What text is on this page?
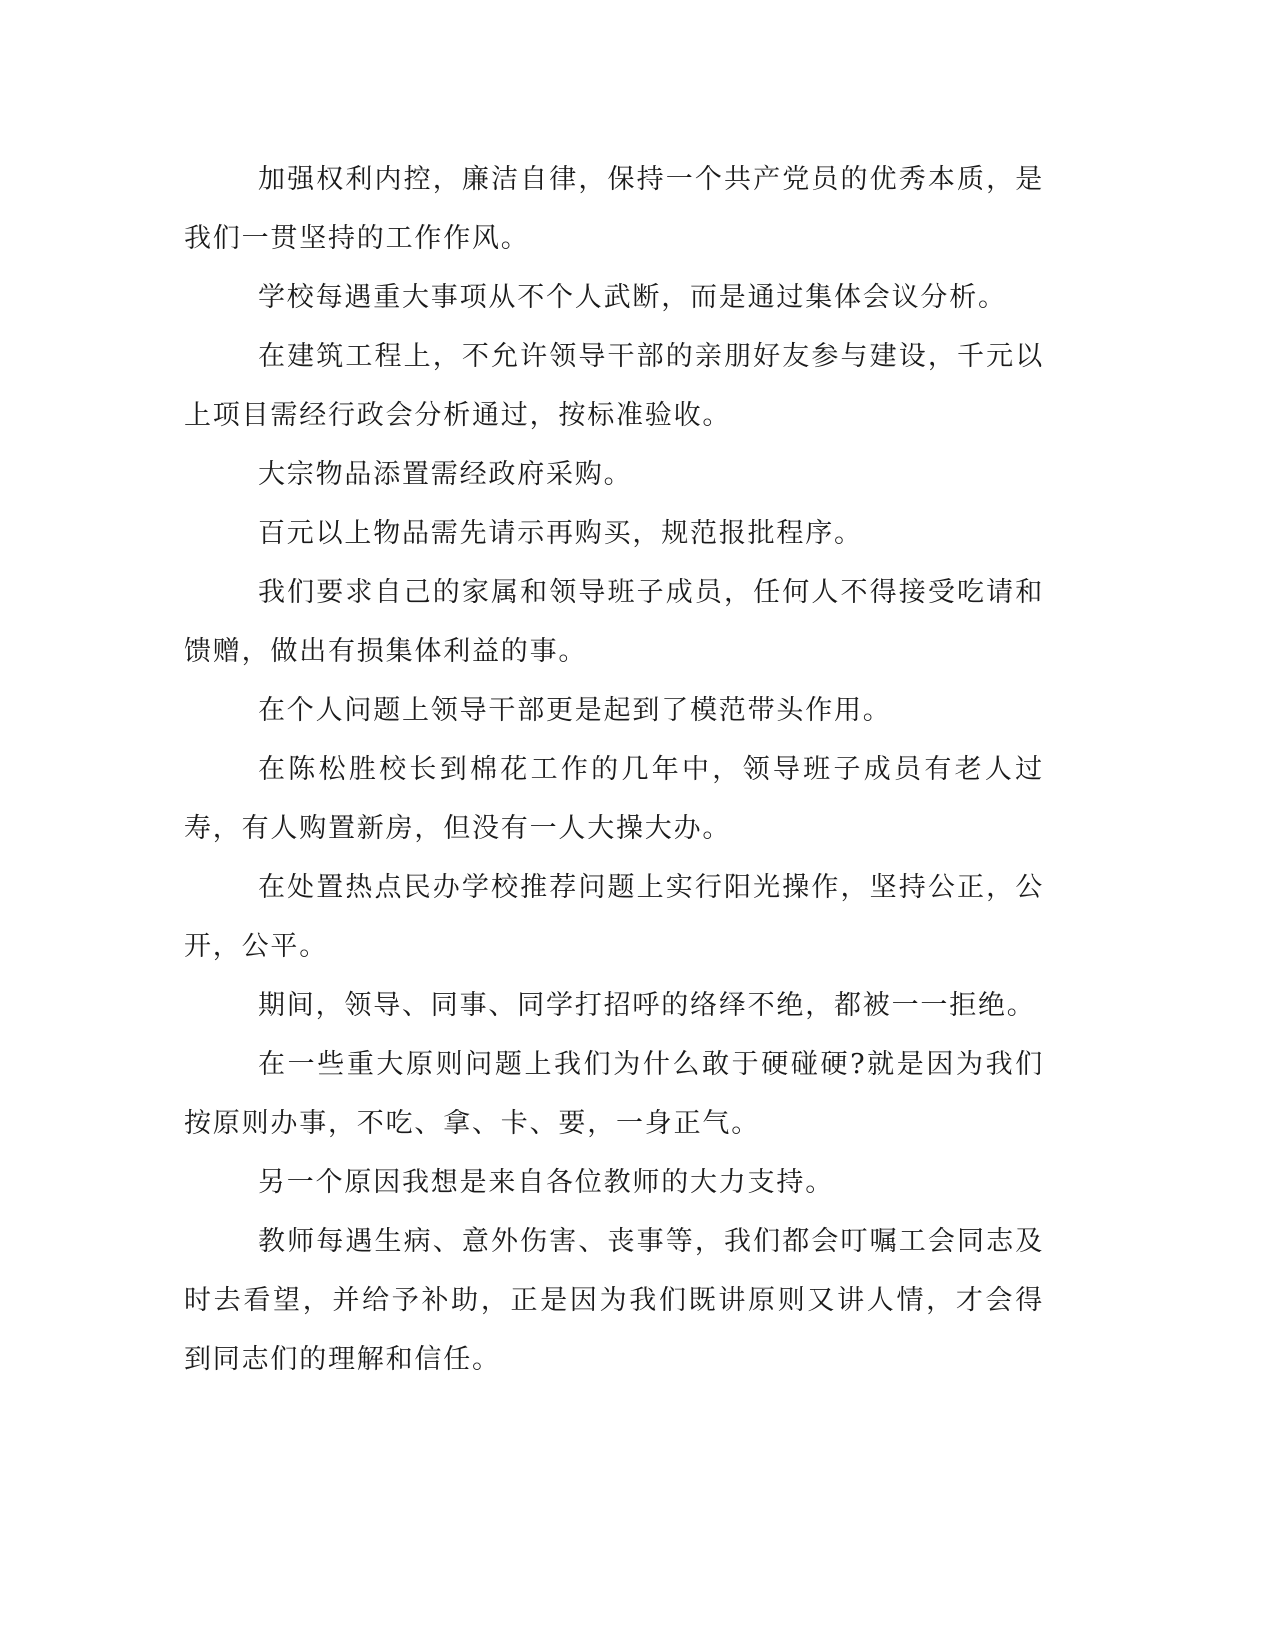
加强权利内控，廉洁自律，保持一个共产党员的优秀本质，是我们一贯坚持的工作作风。

学校每遇重大事项从不个人武断，而是通过集体会议分析。

在建筑工程上，不允许领导干部的亲朋好友参与建设，千元以上项目需经行政会分析通过，按标准验收。

大宗物品添置需经政府采购。

百元以上物品需先请示再购买，规范报批程序。

我们要求自己的家属和领导班子成员，任何人不得接受吃请和馈赠，做出有损集体利益的事。

在个人问题上领导干部更是起到了模范带头作用。

在陈松胜校长到棉花工作的几年中，领导班子成员有老人过寿，有人购置新房，但没有一人大操大办。

在处置热点民办学校推荐问题上实行阳光操作，坚持公正，公开，公平。

期间，领导、同事、同学打招呼的络绎不绝，都被一一拒绝。

在一些重大原则问题上我们为什么敢于硬碰硬?就是因为我们按原则办事，不吃、拿、卡、要，一身正气。

另一个原因我想是来自各位教师的大力支持。

教师每遇生病、意外伤害、丧事等，我们都会叮嘱工会同志及时去看望，并给予补助，正是因为我们既讲原则又讲人情，才会得到同志们的理解和信任。
